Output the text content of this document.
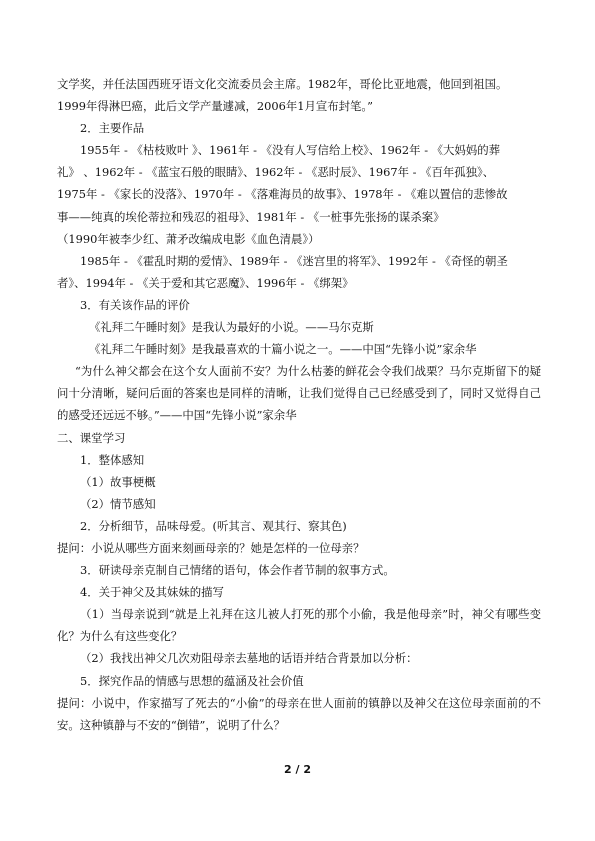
文学奖，并任法国西班牙语文化交流委员会主席。1982年，哥伦比亚地震，他回到祖国。

1999年得淋巴癌，此后文学产量遽减，2006年1月宣布封笔。”

2．主要作品

1955年 - 《枯枝败叶 》、1961年 - 《没有人写信给上校》、1962年 - 《大妈妈的葬

礼》 、1962年 - 《蓝宝石般的眼睛》、1962年 - 《恶时辰》、1967年 - 《百年孤独》、

1975年 - 《家长的没落》、1970年 - 《落难海员的故事》、1978年 - 《难以置信的悲惨故

事——纯真的埃伦蒂拉和残忍的祖母》、1981年 - 《一桩事先张扬的谋杀案》

（1990年被李少红、萧矛改编成电影《血色清晨》）

1985年 - 《霍乱时期的爱情》、1989年 - 《迷宫里的将军》、1992年 - 《奇怪的朝圣

者》、1994年 - 《关于爱和其它恶魔》、1996年 - 《绑架》

3．有关该作品的评价

《礼拜二午睡时刻》是我认为最好的小说。——马尔克斯

《礼拜二午睡时刻》是我最喜欢的十篇小说之一。——中国“先锋小说”家余华

“为什么神父都会在这个女人面前不安？为什么枯萎的鲜花会令我们战栗？马尔克斯留下的疑问十分清晰，疑问后面的答案也是同样的清晰，让我们觉得自己已经感受到了，同时又觉得自己的感受还远远不够。”——中国“先锋小说”家余华

二、课堂学习

1．整体感知

（1）故事梗概

（2）情节感知

2．分析细节，品味母爱。(听其言、观其行、察其色)

提问：小说从哪些方面来刻画母亲的？她是怎样的一位母亲？

3．研读母亲克制自己情绪的语句，体会作者节制的叙事方式。

4．关于神父及其妹妹的描写

（1）当母亲说到“就是上礼拜在这儿被人打死的那个小偷，我是他母亲”时，神父有哪些变化？为什么有这些变化？

（2）我找出神父几次劝阻母亲去墓地的话语并结合背景加以分析：

5．探究作品的情感与思想的蕴涵及社会价值

提问：小说中，作家描写了死去的“小偷”的母亲在世人面前的镇静以及神父在这位母亲面前的不安。这种镇静与不安的“倒错”，说明了什么？

2 / 2
